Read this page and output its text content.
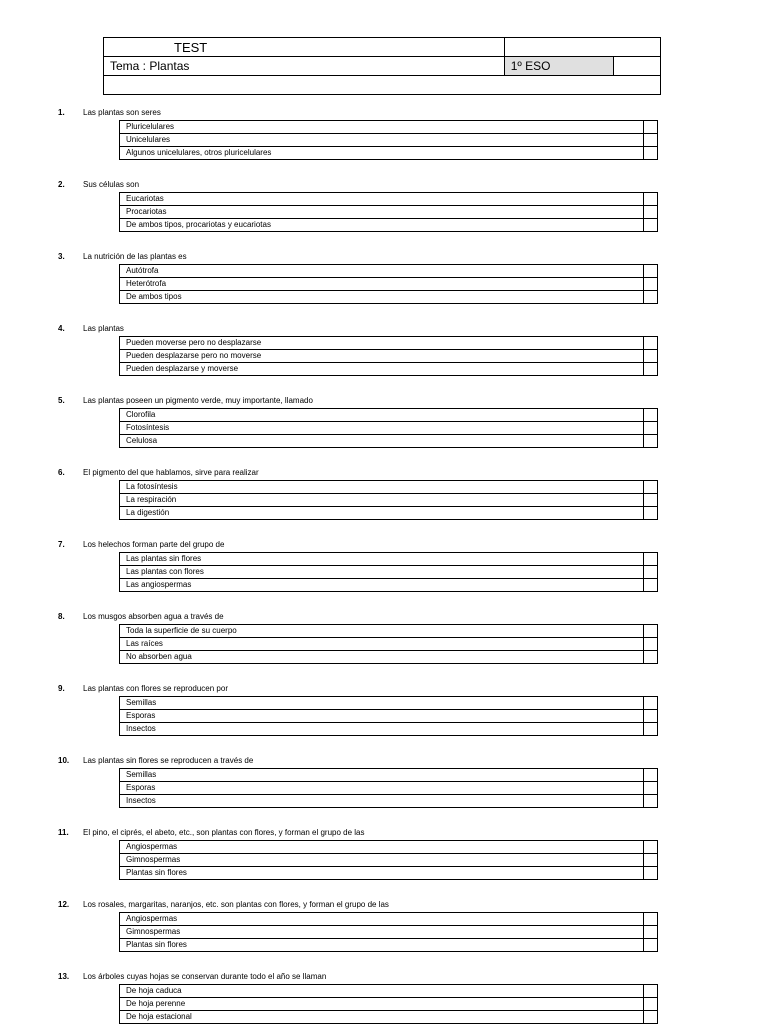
TEST		
Tema : Plantas	1º ESO	

1.	Las plantas son seres
Pluricelulares	
Unicelulares	
Algunos unicelulares, otros pluricelulares	
2.	Sus células son
Eucariotas	
Procariotas	
De ambos tipos, procariotas y eucariotas	
3.	La nutrición de las plantas es
Autótrofa	
Heterótrofa	
De ambos tipos	
4.	Las plantas
Pueden moverse pero no desplazarse	
Pueden desplazarse pero no moverse	
Pueden desplazarse y moverse	
5.	Las plantas poseen un pigmento verde, muy importante, llamado
Clorofila	
Fotosíntesis	
Celulosa	
6.	El pigmento del que hablamos, sirve para realizar
La fotosíntesis	
La respiración	
La digestión	
7.	Los helechos forman parte del grupo de
Las plantas sin flores	
Las plantas con flores	
Las angiospermas	
8.	Los musgos absorben agua a través de
Toda la superficie de su cuerpo	
Las raíces	
No absorben agua	
9.	Las plantas con flores se reproducen por
Semillas	
Esporas	
Insectos	
10.	Las plantas sin flores se reproducen a través de
Semillas	
Esporas	
Insectos	
11.	El pino, el ciprés, el abeto, etc., son plantas con flores, y forman el grupo de las
Angiospermas	
Gimnospermas	
Plantas sin flores	
12.	Los rosales, margaritas, naranjos, etc. son plantas con flores, y forman el grupo de las
Angiospermas	
Gimnospermas	
Plantas sin flores	
13.	Los árboles cuyas hojas se conservan durante todo el año se llaman
De hoja caduca	
De hoja perenne	
De hoja estacional	
